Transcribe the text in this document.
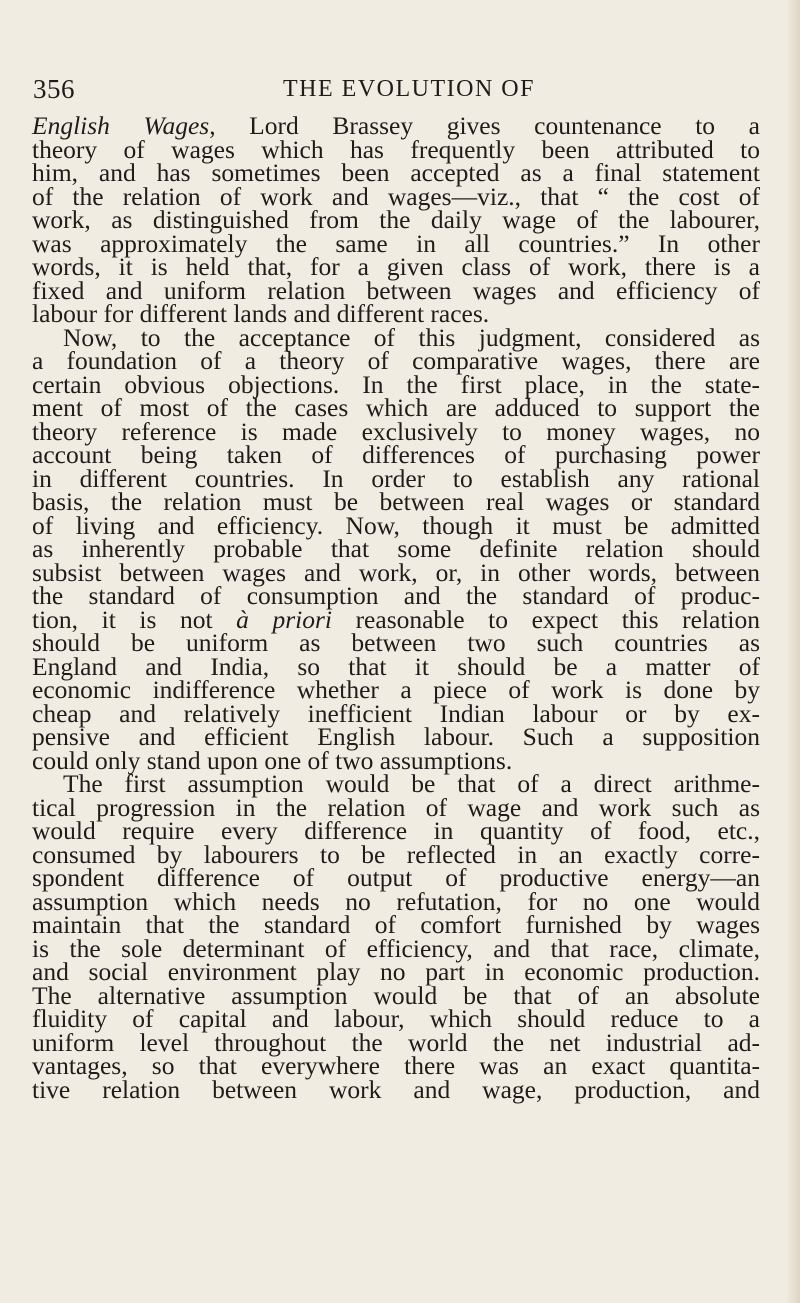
356	THE EVOLUTION OF
English Wages, Lord Brassey gives countenance to a
theory of wages which has frequently been attributed to
him, and has sometimes been accepted as a final statement
of the relation of work and wages—viz., that “ the cost of
work, as distinguished from the daily wage of the labourer,
was approximately the same in all countries.” In other
words, it is held that, for a given class of work, there is a
fixed and uniform relation between wages and efficiency of
labour for different lands and different races.
Now, to the acceptance of this judgment, considered as
a foundation of a theory of comparative wages, there are
certain obvious objections. In the first place, in the state-
ment of most of the cases which are adduced to support the
theory reference is made exclusively to money wages, no
account being taken of differences of purchasing power
in different countries. In order to establish any rational
basis, the relation must be between real wages or standard
of living and efficiency. Now, though it must be admitted
as inherently probable that some definite relation should
subsist between wages and work, or, in other words, between
the standard of consumption and the standard of produc-
tion, it is not à priori reasonable to expect this relation
should be uniform as between two such countries as
England and India, so that it should be a matter of
economic indifference whether a piece of work is done by
cheap and relatively inefficient Indian labour or by ex-
pensive and efficient English labour. Such a supposition
could only stand upon one of two assumptions.
The first assumption would be that of a direct arithme-
tical progression in the relation of wage and work such as
would require every difference in quantity of food, etc.,
consumed by labourers to be reflected in an exactly corre-
spondent difference of output of productive energy—an
assumption which needs no refutation, for no one would
maintain that the standard of comfort furnished by wages
is the sole determinant of efficiency, and that race, climate,
and social environment play no part in economic production.
The alternative assumption would be that of an absolute
fluidity of capital and labour, which should reduce to a
uniform level throughout the world the net industrial ad-
vantages, so that everywhere there was an exact quantita-
tive relation between work and wage, production, and
